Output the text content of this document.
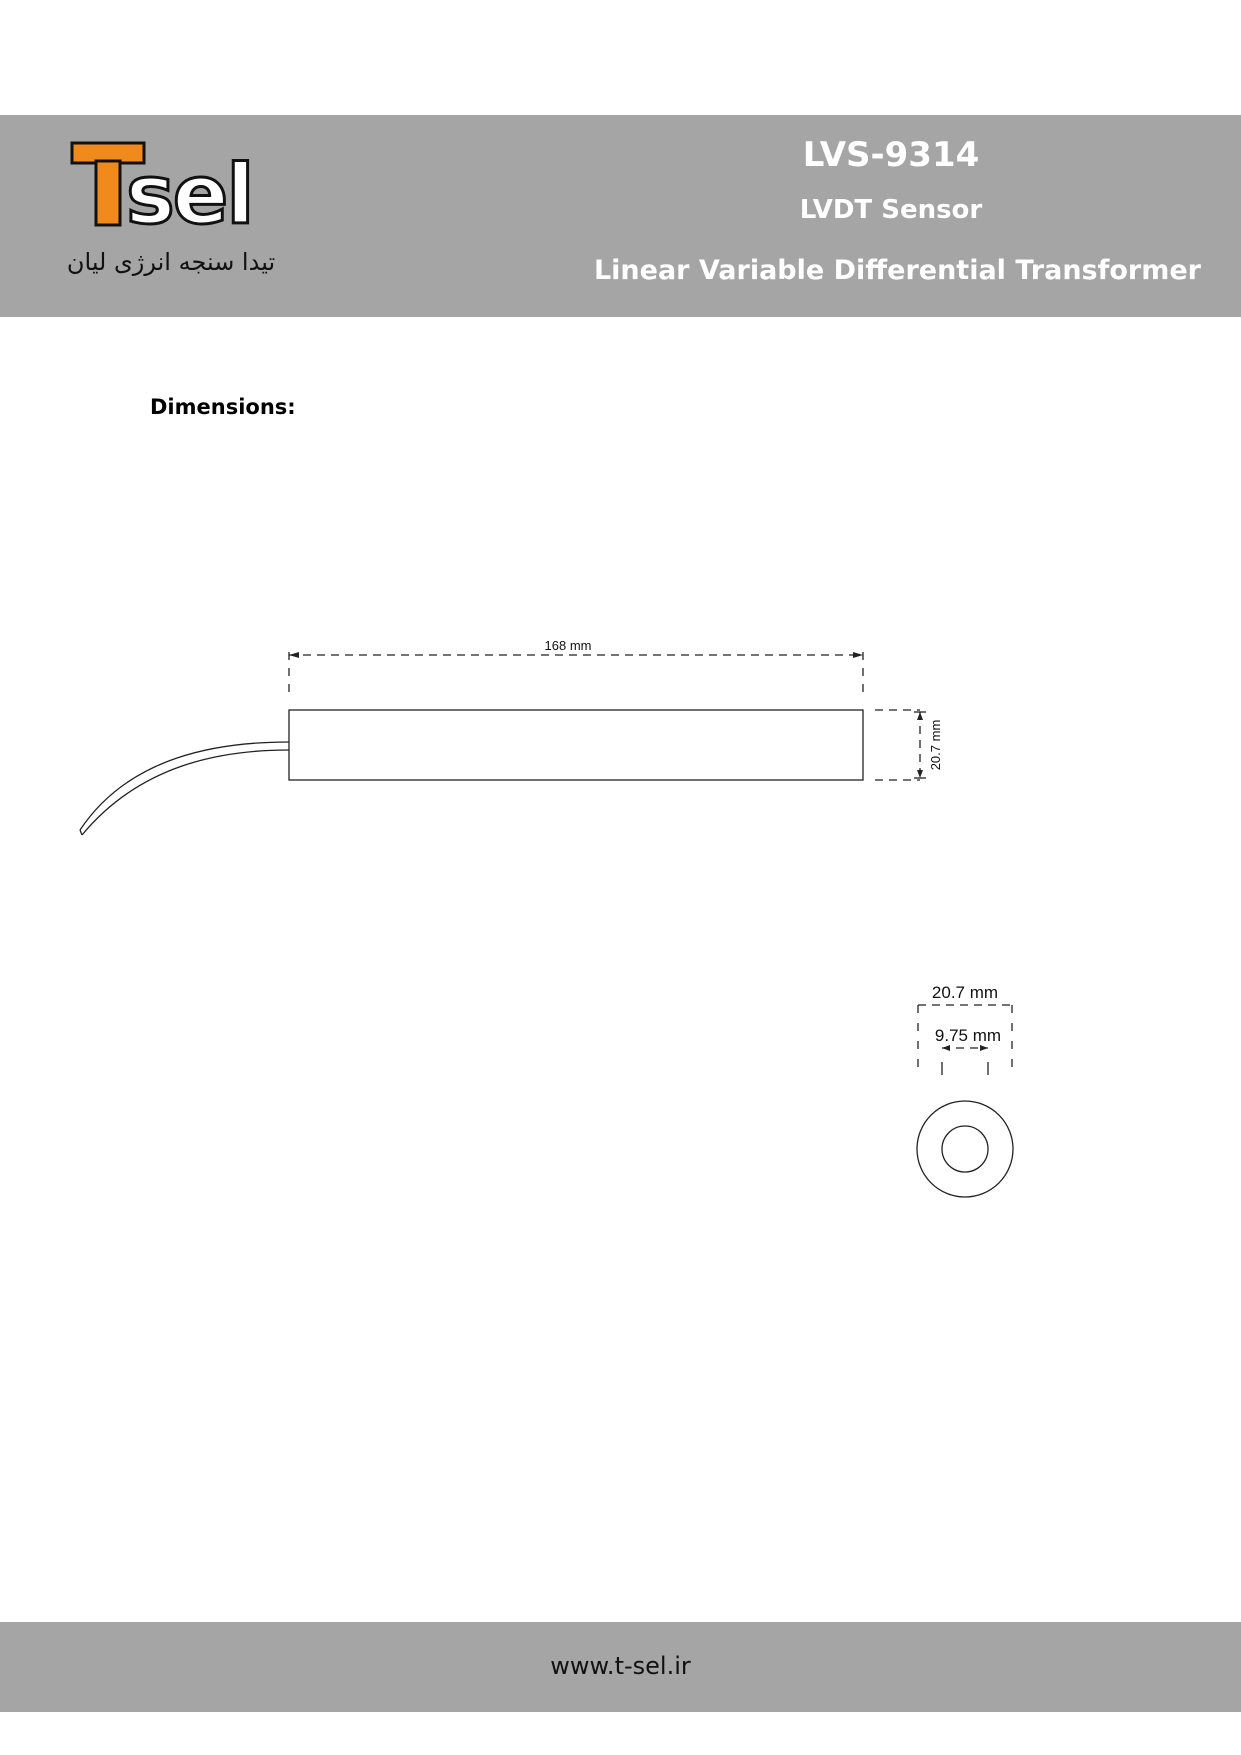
sel
تیدا سنجه انرژی لیان
LVS-9314
LVDT Sensor
Linear Variable Differential Transformer
Dimensions:
168 mm
20.7 mm
20.7 mm
9.75 mm
www.t-sel.ir
